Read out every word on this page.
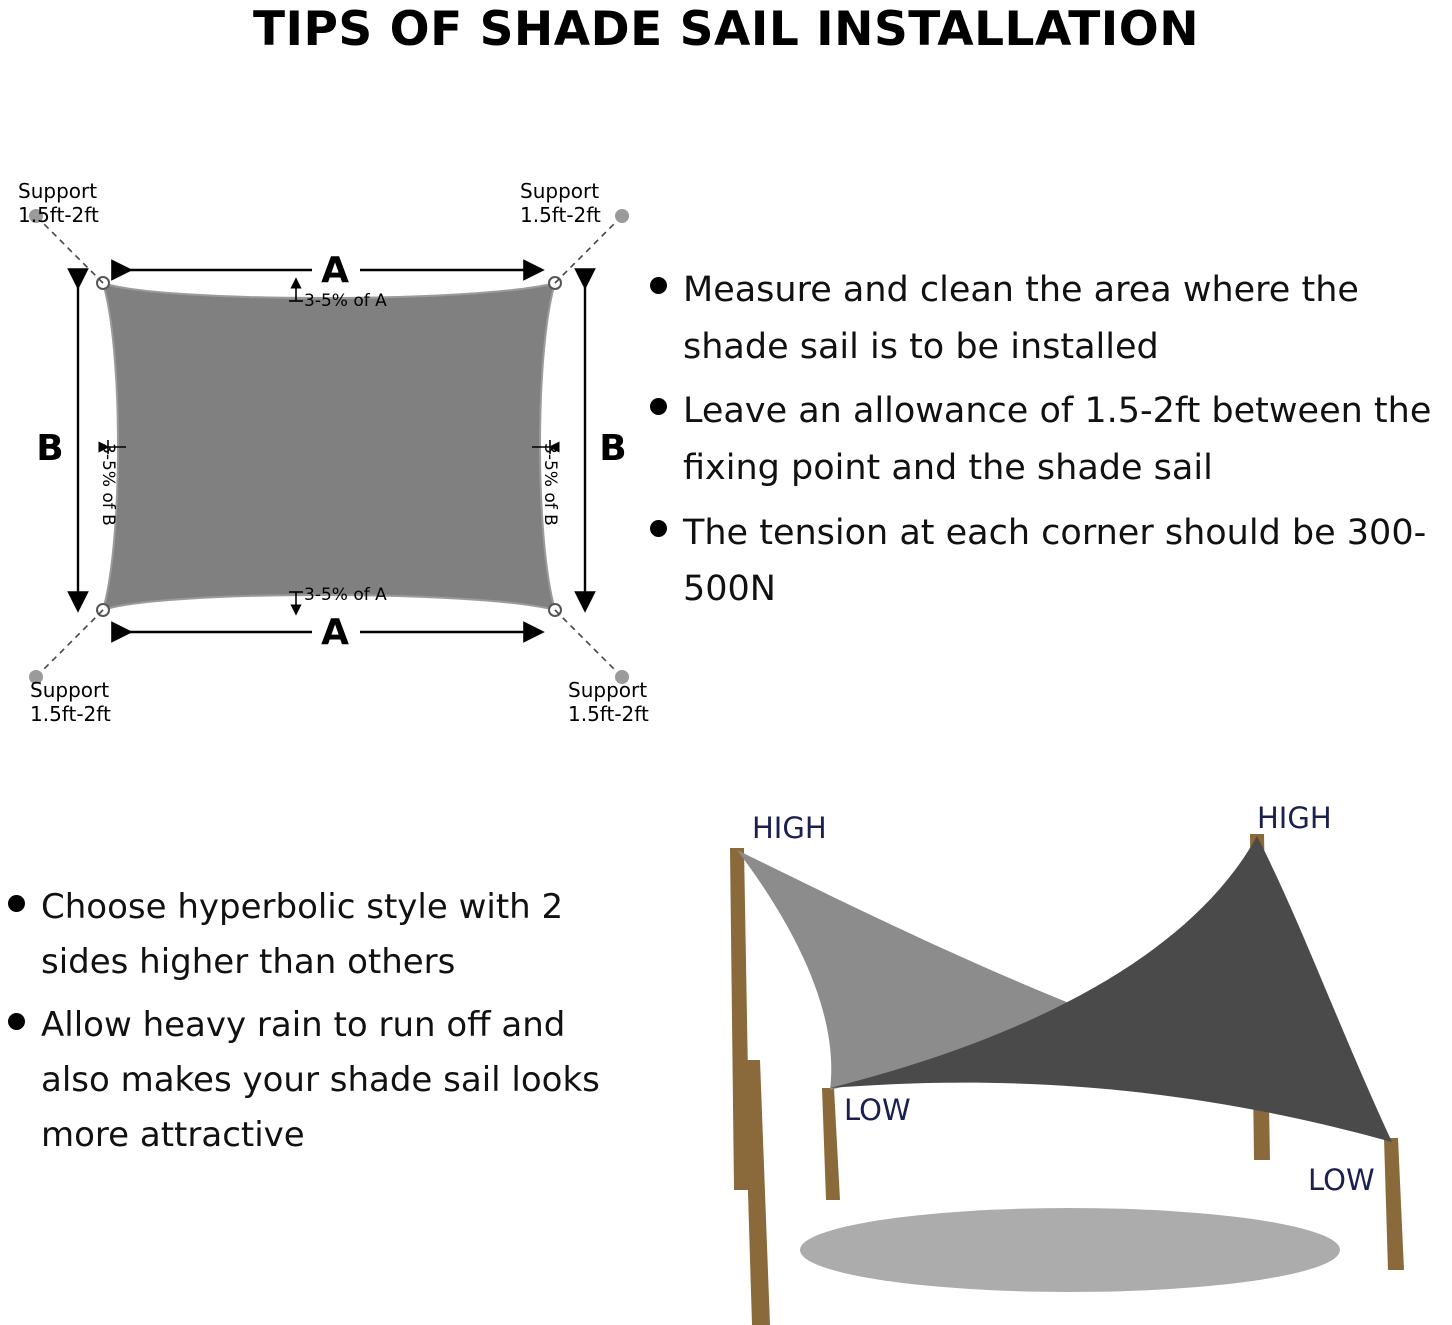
TIPS OF SHADE SAIL INSTALLATION
Support
1.5ft-2ft
Support
1.5ft-2ft
Support
1.5ft-2ft
Support
1.5ft-2ft
A
A
B	B
3-5% of A
3-5% of A
3-5% of B	3-5% of B
Measure and clean the area where the shade sail is to be installed
Leave an allowance of 1.5-2ft between the fixing point and the shade sail
The tension at each corner should be 300-500N
Choose hyperbolic style with 2 sides higher than others
Allow heavy rain to run off and also makes your shade sail looks more attractive
HIGH	HIGH
LOW
LOW
